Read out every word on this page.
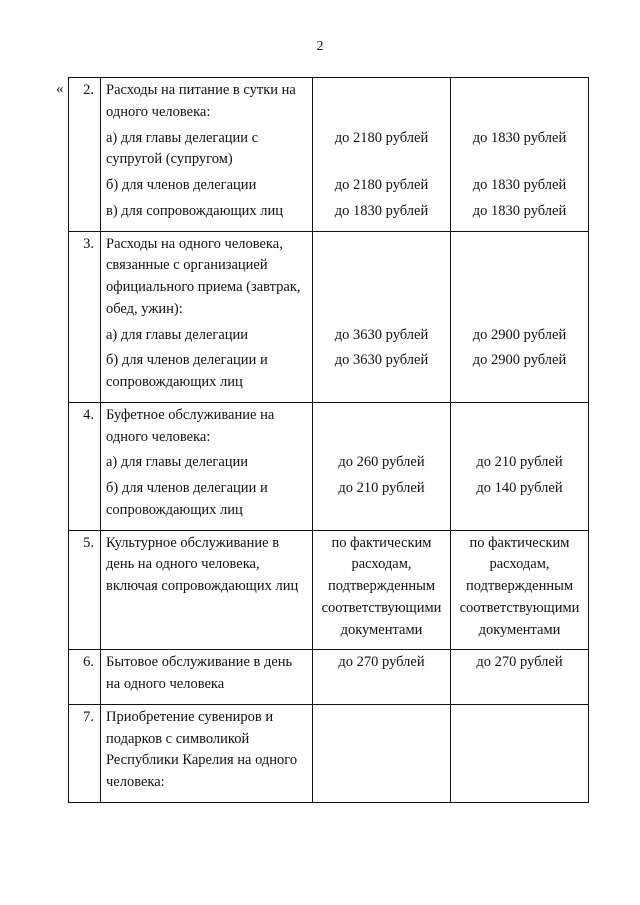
2
« 2.	Расходы на питание в сутки на
одного человека:		

	а) для главы делегации с
супругой (супругом)	до 2180 рублей	до 1830 рублей

	б) для членов делегации	до 2180 рублей	до 1830 рублей

	в) для сопровождающих лиц	до 1830 рублей	до 1830 рублей

3.	Расходы на одного человека,
связанные с организацией
официального приема (завтрак,
обед, ужин):		

	а) для главы делегации	до 3630 рублей	до 2900 рублей

	б) для членов делегации и
сопровождающих лиц	до 3630 рублей	до 2900 рублей

4.	Буфетное обслуживание на
одного человека:		

	а) для главы делегации	до 260 рублей	до 210 рублей

	б) для членов делегации и
сопровождающих лиц	до 210 рублей	до 140 рублей

5.	Культурное обслуживание в
день на одного человека,
включая сопровождающих лиц	по фактическим
расходам,
подтвержденным
соответствующими
документами	по фактическим
расходам,
подтвержденным
соответствующими
документами

6.	Бытовое обслуживание в день
на одного человека	до 270 рублей	до 270 рублей

7.	Приобретение сувениров и
подарков с символикой
Республики Карелия на одного
человека:		
